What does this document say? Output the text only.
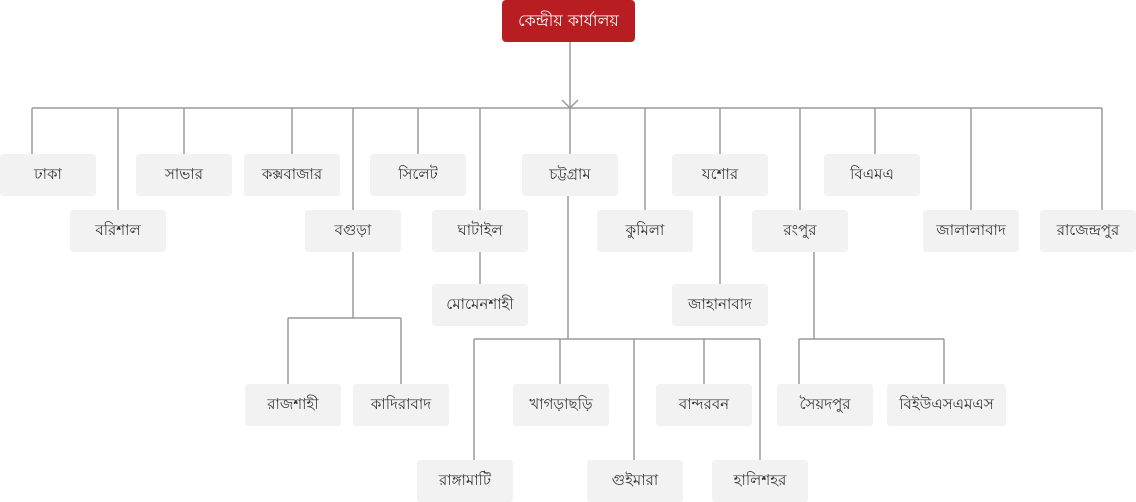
কেন্দ্রীয় কার্যালয়
ঢাকা
বরিশাল
সাভার	কক্সবাজার
বগুড়া
সিলেট
ঘাটাইল
চট্টগ্রাম
কুমিলা
যশোর
রংপুর
বিএমএ
জালালাবাদ	রাজেন্দ্রপুর
রাজশাহী	কাদিরাবাদ
মোমেনশাহী
রাঙ্গামাটি
খাগড়াছড়ি
গুইমারা
বান্দরবন
হালিশহর
জাহানাবাদ
সৈয়দপুর	বিইউএসএমএস
